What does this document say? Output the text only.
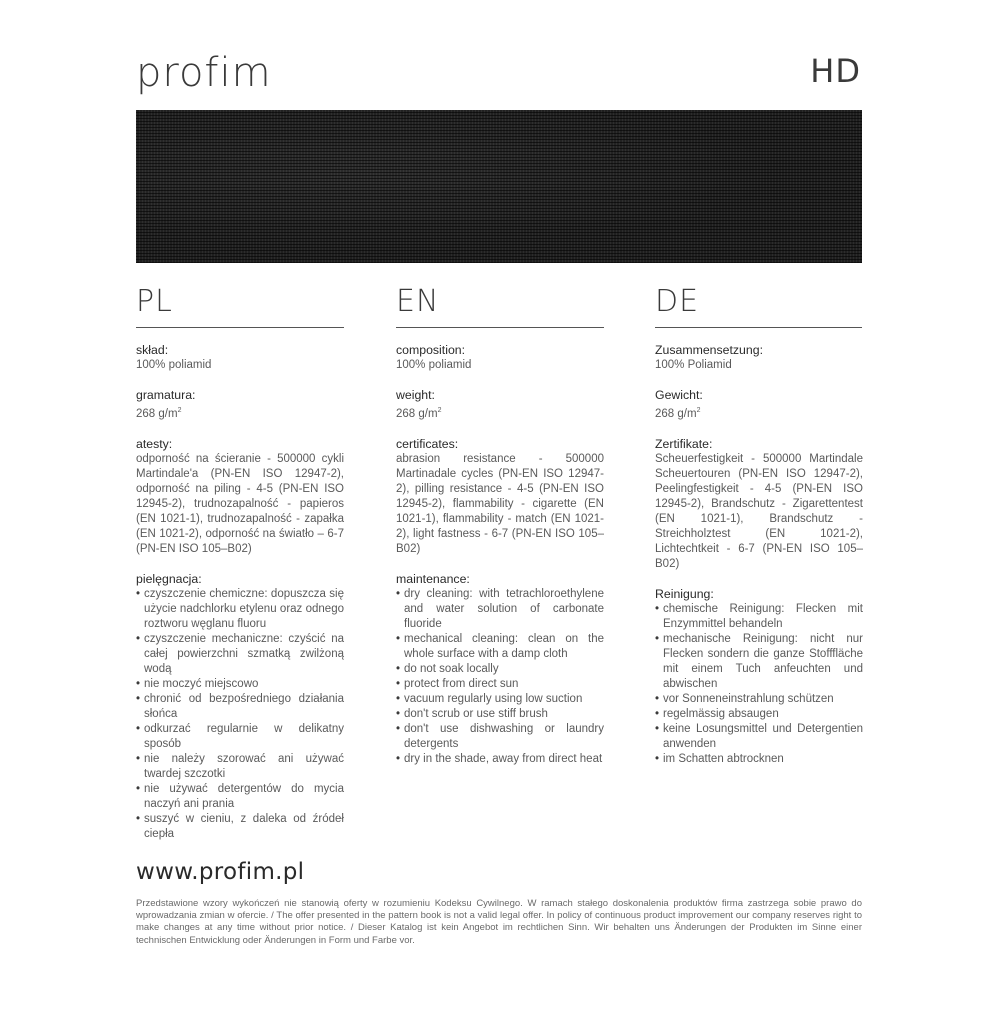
profim	HD
PL

skład:

100% poliamid

gramatura:

268 $g/m^2$

atesty:

odporność na ścieranie - 500000 cykli Martindale'a (PN-EN ISO 12947-2), odporność na piling - 4-5 (PN-EN ISO 12945-2), trudnozapalność - papieros (EN 1021-1), trudnozapalność - zapałka (EN 1021-2), odporność na światło – 6-7 (PN-EN ISO 105–B02)

pielęgnacja:

• czyszczenie chemiczne: dopuszcza się użycie nadchlorku etylenu oraz odnego roztworu węglanu fluoru
• czyszczenie mechaniczne: czyścić na całej powierzchni szmatką zwilżoną wodą
• nie moczyć miejscowo
• chronić od bezpośredniego działania słońca
• odkurzać regularnie w delikatny sposób
• nie należy szorować ani używać twardej szczotki
• nie używać detergentów do mycia naczyń ani prania
• suszyć w cieniu, z daleka od źródeł ciepła
EN

composition:

100% poliamid

weight:

268 $g/m^2$

certificates:

abrasion resistance - 500000 Martinadale cycles (PN-EN ISO 12947-2), pilling resistance - 4-5 (PN-EN ISO 12945-2), flammability - cigarette (EN 1021-1), flammability - match (EN 1021-2), light fastness - 6-7 (PN-EN ISO 105–B02)

maintenance:

• dry cleaning: with tetrachloroethylene and water solution of carbonate fluoride
• mechanical cleaning: clean on the whole surface with a damp cloth
• do not soak locally
• protect from direct sun
• vacuum regularly using low suction
• don't scrub or use stiff brush
• don't use dishwashing or laundry detergents
• dry in the shade, away from direct heat
DE

Zusammensetzung:

100% Poliamid

Gewicht:

268 $g/m^2$

Zertifikate:

Scheuerfestigkeit - 500000 Martindale Scheuertouren (PN-EN ISO 12947-2), Peelingfestigkeit - 4-5 (PN-EN ISO 12945-2), Brandschutz - Zigarettentest (EN 1021-1), Brandschutz - Streichholztest (EN 1021-2), Lichtechtkeit - 6-7 (PN-EN ISO 105–B02)

Reinigung:

• chemische Reinigung: Flecken mit Enzymmittel behandeln
• mechanische Reinigung: nicht nur Flecken sondern die ganze Stofffläche mit einem Tuch anfeuchten und abwischen
• vor Sonneneinstrahlung schützen
• regelmässig absaugen
• keine Losungsmittel und Detergentien anwenden
• im Schatten abtrocknen
www.profim.pl
Przedstawione wzory wykończeń nie stanowią oferty w rozumieniu Kodeksu Cywilnego. W ramach stałego doskonalenia produktów firma zastrzega sobie prawo do wprowadzania zmian w ofercie. / The offer presented in the pattern book is not a valid legal offer. In policy of continuous product improvement our company reserves right to make changes at any time without prior notice. / Dieser Katalog ist kein Angebot im rechtlichen Sinn. Wir behalten uns Änderungen der Produkten im Sinne einer technischen Entwicklung oder Änderungen in Form und Farbe vor.
